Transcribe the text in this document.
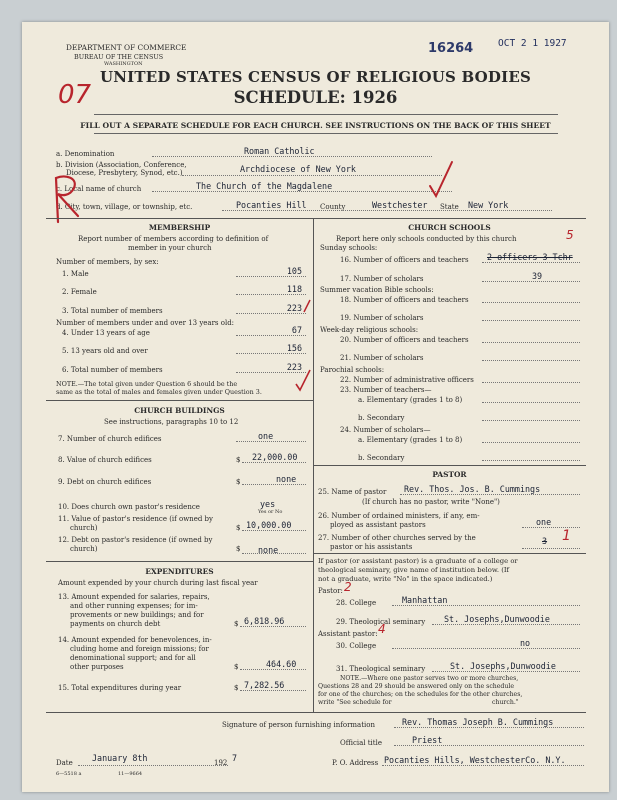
DEPARTMENT OF COMMERCE
BUREAU OF THE CENSUS
WASHINGTON
16264	OCT 2 1 1927
UNITED STATES CENSUS OF RELIGIOUS BODIES
SCHEDULE: 1926
07
FILL OUT A SEPARATE SCHEDULE FOR EACH CHURCH. SEE INSTRUCTIONS ON THE BACK OF THIS SHEET
a. Denomination	Roman Catholic
b. Division (Association, Conference,
Diocese, Presbytery, Synod, etc.)	Archdiocese of New York
c. Local name of church	The Church of the Magdalene
d. City, town, village, or township, etc.	Pocanties Hill County	Westchester State New York
MEMBERSHIP
Report number of members according to definition of
member in your church
Number of members, by sex:
1. Male	105
2. Female	118
3. Total number of members	223
Number of members under and over 13 years old:
4. Under 13 years of age	67
5. 13 years old and over	156
6. Total number of members	223
NOTE.—The total given under Question 6 should be the
same as the total of males and females given under Question 3.
CHURCH BUILDINGS
See instructions, paragraphs 10 to 12
7. Number of church edifices	one
8. Value of church edifices	$ 22,000.00
9. Debt on church edifices	$	none
10. Does church own pastor's residence	yes
Yes or No
11. Value of pastor's residence (if owned by
church)	$ 10,000.00
12. Debt on pastor's residence (if owned by
church)	$ none
EXPENDITURES
Amount expended by your church during last fiscal year
13. Amount expended for salaries, repairs,
and other running expenses; for im-
provements or new buildings; and for
payments on church debt	$ 6,818.96
14. Amount expended for benevolences, in-
cluding home and foreign missions; for
denominational support; and for all
other purposes	$	464.60
15. Total expenditures during year	$ 7,282.56
CHURCH SCHOOLS
Report here only schools conducted by this church	5
Sunday schools:
16. Number of officers and teachers 2 officers 3 Tchr
17. Number of scholars	39
Summer vacation Bible schools:
18. Number of officers and teachers
19. Number of scholars
Week-day religious schools:
20. Number of officers and teachers
21. Number of scholars
Parochial schools:
22. Number of administrative officers
23. Number of teachers—
a. Elementary (grades 1 to 8)
b. Secondary
24. Number of scholars—
a. Elementary (grades 1 to 8)
b. Secondary
PASTOR
25. Name of pastor Rev. Thos. Jos. B. Cummings
(If church has no pastor, write "None")
26. Number of ordained ministers, if any, em-
ployed as assistant pastors	one
27. Number of other churches served by the
pastor or his assistants
3 1
If pastor (or assistant pastor) is a graduate of a college or
theological seminary, give name of institution below. (If
not a graduate, write "No" in the space indicated.)
Pastor: 2
28. College	Manhattan
29. Theological seminary St. Josephs,Dunwoodie
Assistant pastor: 4
30. College	no
31. Theological seminary	St. Josephs,Dunwoodie
NOTE.—Where one pastor serves two or more churches,
Questions 28 and 29 should be answered only on the schedule
for one of the churches; on the schedules for the other churches,
write "See schedule for	church."
Signature of person furnishing information	Rev. Thomas Joseph B. Cummings
Official title	Priest
Date January 8th	192 7	P. O. Address Pocanties Hills, WestchesterCo. N.Y.
6—5518 a	11—9664
